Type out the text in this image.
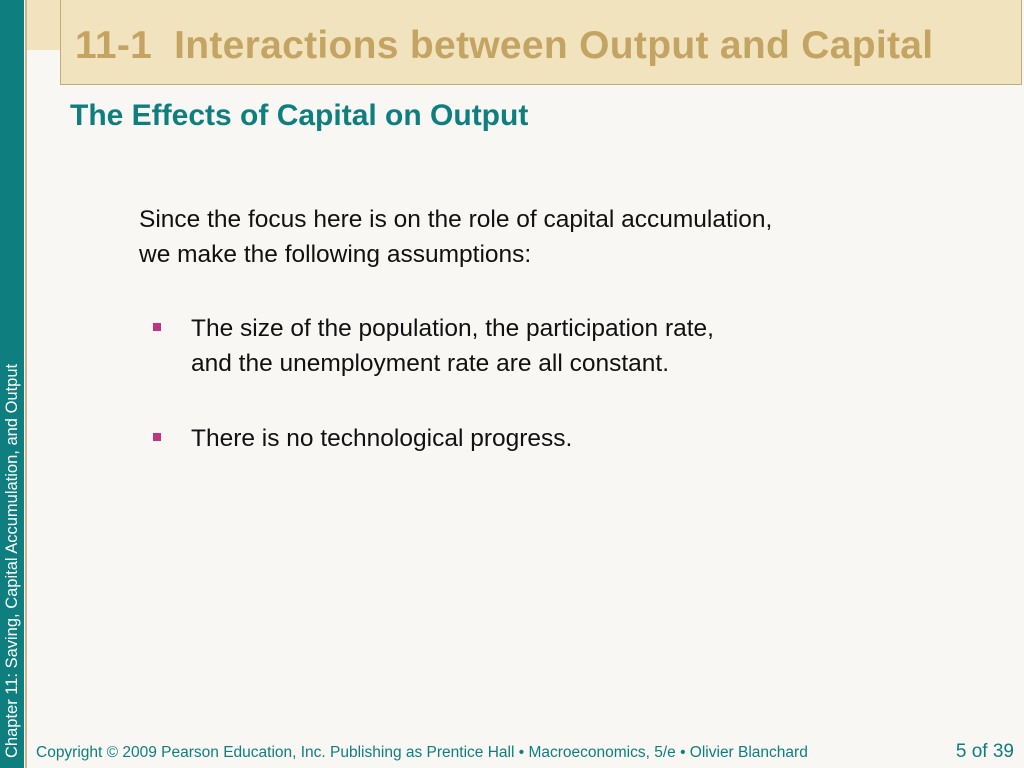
Chapter 11: Saving, Capital Accumulation, and Output
11-1 Interactions between Output and Capital
The Effects of Capital on Output
Since the focus here is on the role of capital accumulation,
we make the following assumptions:
The size of the population, the participation rate,
and the unemployment rate are all constant.
There is no technological progress.
Copyright © 2009 Pearson Education, Inc. Publishing as Prentice Hall • Macroeconomics, 5/e • Olivier Blanchard	5 of 39
